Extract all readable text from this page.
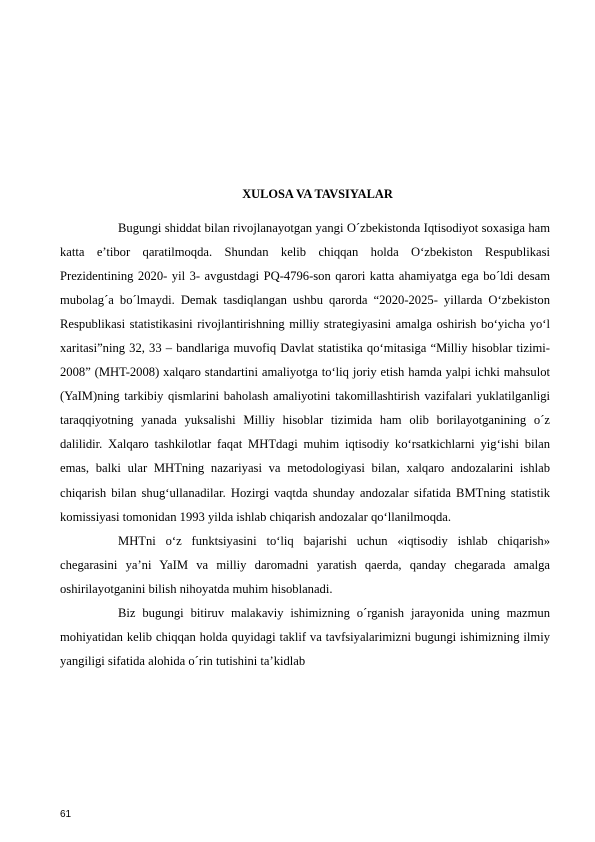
XULOSA VA TAVSIYALAR

Bugungi shiddat bilan rivojlanayotgan yangi O´zbekistonda Iqtisodiyot soxasiga ham katta e’tibor qaratilmoqda. Shundan kelib chiqqan holda O‘zbekiston Respublikasi Prezidentining 2020- yil 3- avgustdagi PQ-4796-son qarori katta ahamiyatga ega bo´ldi desam mubolag´a bo´lmaydi. Demak tasdiqlangan ushbu qarorda “2020-2025- yillarda O‘zbekiston Respublikasi statistikasini rivojlantirishning milliy strategiyasini amalga oshirish bo‘yicha yo‘l xaritasi”ning 32, 33 – bandlariga muvofiq Davlat statistika qo‘mitasiga “Milliy hisoblar tizimi-2008” (MHT-2008) xalqaro standartini amaliyotga to‘liq joriy etish hamda yalpi ichki mahsulot (YaIM)ning tarkibiy qismlarini baholash amaliyotini takomillashtirish vazifalari yuklatilganligi taraqqiyotning yanada yuksalishi Milliy hisoblar tizimida ham olib borilayotganining o´z dalilidir. Xalqaro tashkilotlar faqat MHTdagi muhim iqtisodiy ko‘rsatkichlarni yig‘ishi bilan emas, balki ular MHTning nazariyasi va metodologiyasi bilan, xalqaro andozalarini ishlab chiqarish bilan shug‘ullanadilar. Hozirgi vaqtda shunday andozalar sifatida BMTning statistik komissiyasi tomonidan 1993 yilda ishlab chiqarish andozalar qo‘llanilmoqda.

MHTni o‘z funktsiyasini to‘liq bajarishi uchun «iqtisodiy ishlab chiqarish» chegarasini ya’ni YaIM va milliy daromadni yaratish qaerda, qanday chegarada amalga oshirilayotganini bilish nihoyatda muhim hisoblanadi.

Biz bugungi bitiruv malakaviy ishimizning o´rganish jarayonida uning mazmun mohiyatidan kelib chiqqan holda quyidagi taklif va tavfsiyalarimizni bugungi ishimizning ilmiy yangiligi sifatida alohida o´rin tutishini ta’kidlab

61
